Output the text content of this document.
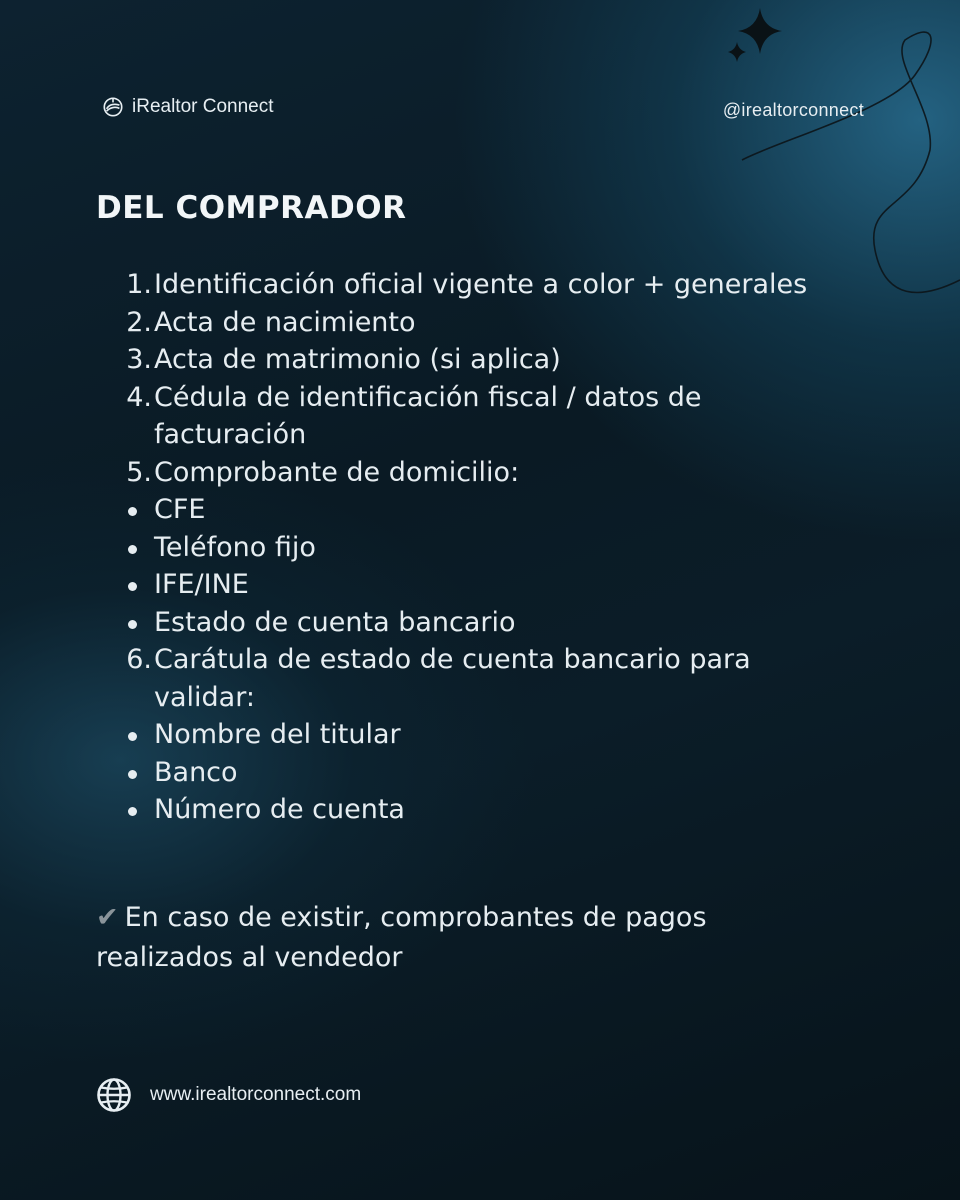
iRealtor Connect	@irealtorconnect
DEL COMPRADOR
1. Identificación oficial vigente a color + generales
2. Acta de nacimiento
3. Acta de matrimonio (si aplica)
4. Cédula de identificación fiscal / datos de facturación
5. Comprobante de domicilio:
CFE
Teléfono fijo
IFE/INE
Estado de cuenta bancario
6. Carátula de estado de cuenta bancario para validar:
Nombre del titular
Banco
Número de cuenta
✔ En caso de existir, comprobantes de pagos realizados al vendedor
www.irealtorconnect.com
